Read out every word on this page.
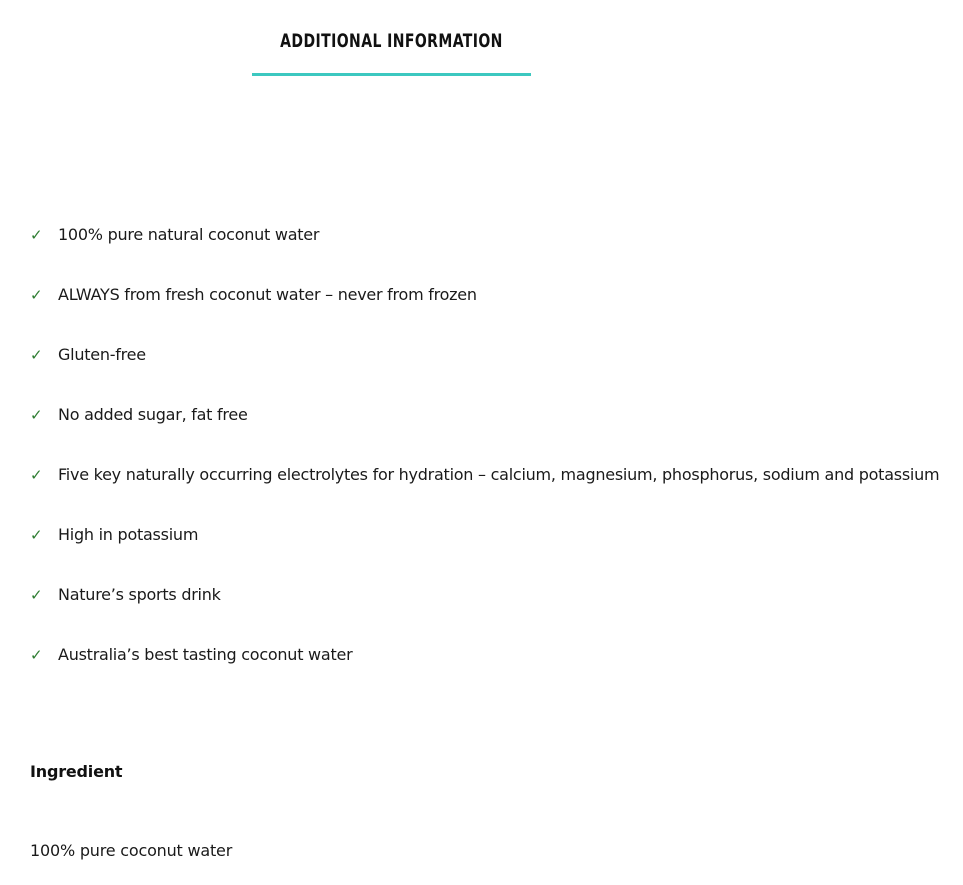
ADDITIONAL INFORMATION
✓ 100% pure natural coconut water
✓ ALWAYS from fresh coconut water – never from frozen
✓ Gluten-free
✓ No added sugar, fat free
✓ Five key naturally occurring electrolytes for hydration – calcium, magnesium, phosphorus, sodium and potassium
✓ High in potassium
✓ Nature’s sports drink
✓ Australia’s best tasting coconut water
Ingredient
100% pure coconut water
